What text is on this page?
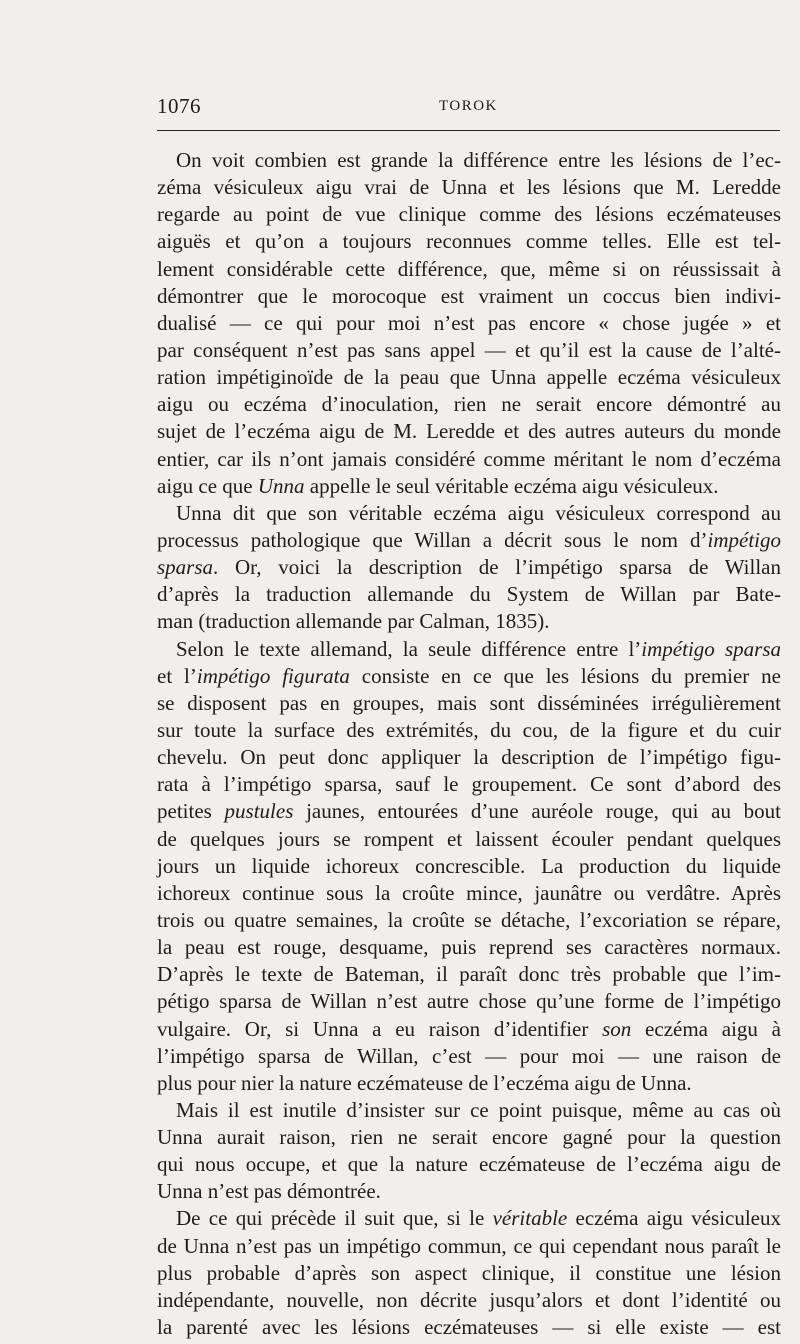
1076	TOROK
On voit combien est grande la différence entre les lésions de l’ec-
zéma vésiculeux aigu vrai de Unna et les lésions que M. Leredde
regarde au point de vue clinique comme des lésions eczémateuses
aiguës et qu’on a toujours reconnues comme telles. Elle est tel-
lement considérable cette différence, que, même si on réussissait à
démontrer que le morocoque est vraiment un coccus bien indivi-
dualisé — ce qui pour moi n’est pas encore « chose jugée » et
par conséquent n’est pas sans appel — et qu’il est la cause de l’alté-
ration impétiginoïde de la peau que Unna appelle eczéma vésiculeux
aigu ou eczéma d’inoculation, rien ne serait encore démontré au
sujet de l’eczéma aigu de M. Leredde et des autres auteurs du monde
entier, car ils n’ont jamais considéré comme méritant le nom d’eczéma
aigu ce que Unna appelle le seul véritable eczéma aigu vésiculeux.
Unna dit que son véritable eczéma aigu vésiculeux correspond au
processus pathologique que Willan a décrit sous le nom d’impétigo
sparsa. Or, voici la description de l’impétigo sparsa de Willan
d’après la traduction allemande du System de Willan par Bate-
man (traduction allemande par Calman, 1835).
Selon le texte allemand, la seule différence entre l’impétigo sparsa
et l’impétigo figurata consiste en ce que les lésions du premier ne
se disposent pas en groupes, mais sont disséminées irrégulièrement
sur toute la surface des extrémités, du cou, de la figure et du cuir
chevelu. On peut donc appliquer la description de l’impétigo figu-
rata à l’impétigo sparsa, sauf le groupement. Ce sont d’abord des
petites pustules jaunes, entourées d’une auréole rouge, qui au bout
de quelques jours se rompent et laissent écouler pendant quelques
jours un liquide ichoreux concrescible. La production du liquide
ichoreux continue sous la croûte mince, jaunâtre ou verdâtre. Après
trois ou quatre semaines, la croûte se détache, l’excoriation se répare,
la peau est rouge, desquame, puis reprend ses caractères normaux.
D’après le texte de Bateman, il paraît donc très probable que l’im-
pétigo sparsa de Willan n’est autre chose qu’une forme de l’impétigo
vulgaire. Or, si Unna a eu raison d’identifier son eczéma aigu à
l’impétigo sparsa de Willan, c’est — pour moi — une raison de
plus pour nier la nature eczémateuse de l’eczéma aigu de Unna.
Mais il est inutile d’insister sur ce point puisque, même au cas où
Unna aurait raison, rien ne serait encore gagné pour la question
qui nous occupe, et que la nature eczémateuse de l’eczéma aigu de
Unna n’est pas démontrée.
De ce qui précède il suit que, si le véritable eczéma aigu vésiculeux
de Unna n’est pas un impétigo commun, ce qui cependant nous paraît le
plus probable d’après son aspect clinique, il constitue une lésion
indépendante, nouvelle, non décrite jusqu’alors et dont l’identité ou
la parenté avec les lésions eczémateuses — si elle existe — est
